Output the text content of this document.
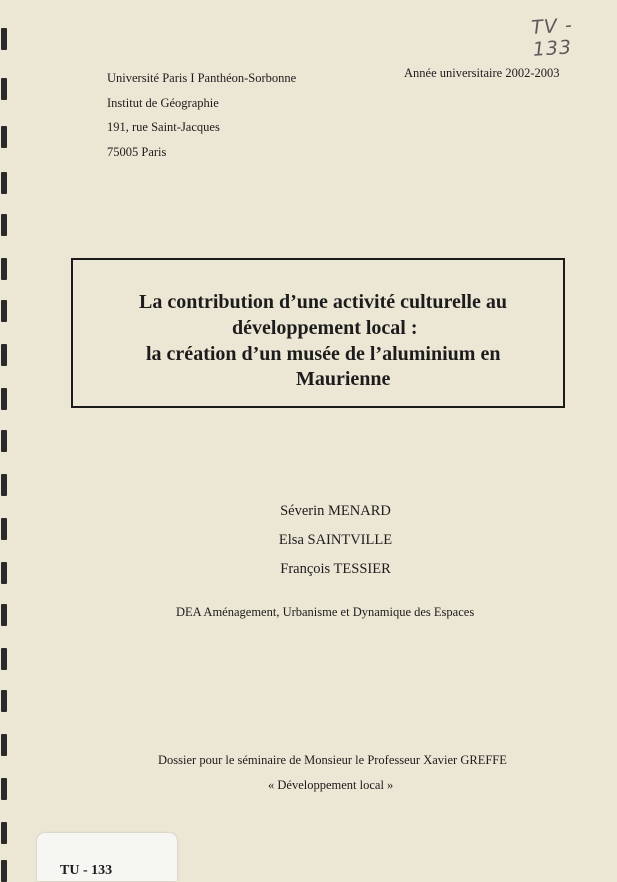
TV - 133
Université Paris I Panthéon-Sorbonne
Institut de Géographie
191, rue Saint-Jacques
75005 Paris
Année universitaire 2002-2003
La contribution d’une activité culturelle au
développement local :
la création d’un musée de l’aluminium en
Maurienne
Séverin MENARD
Elsa SAINTVILLE
François TESSIER
DEA Aménagement, Urbanisme et Dynamique des Espaces
Dossier pour le séminaire de Monsieur le Professeur Xavier GREFFE
« Développement local »
TU - 133
